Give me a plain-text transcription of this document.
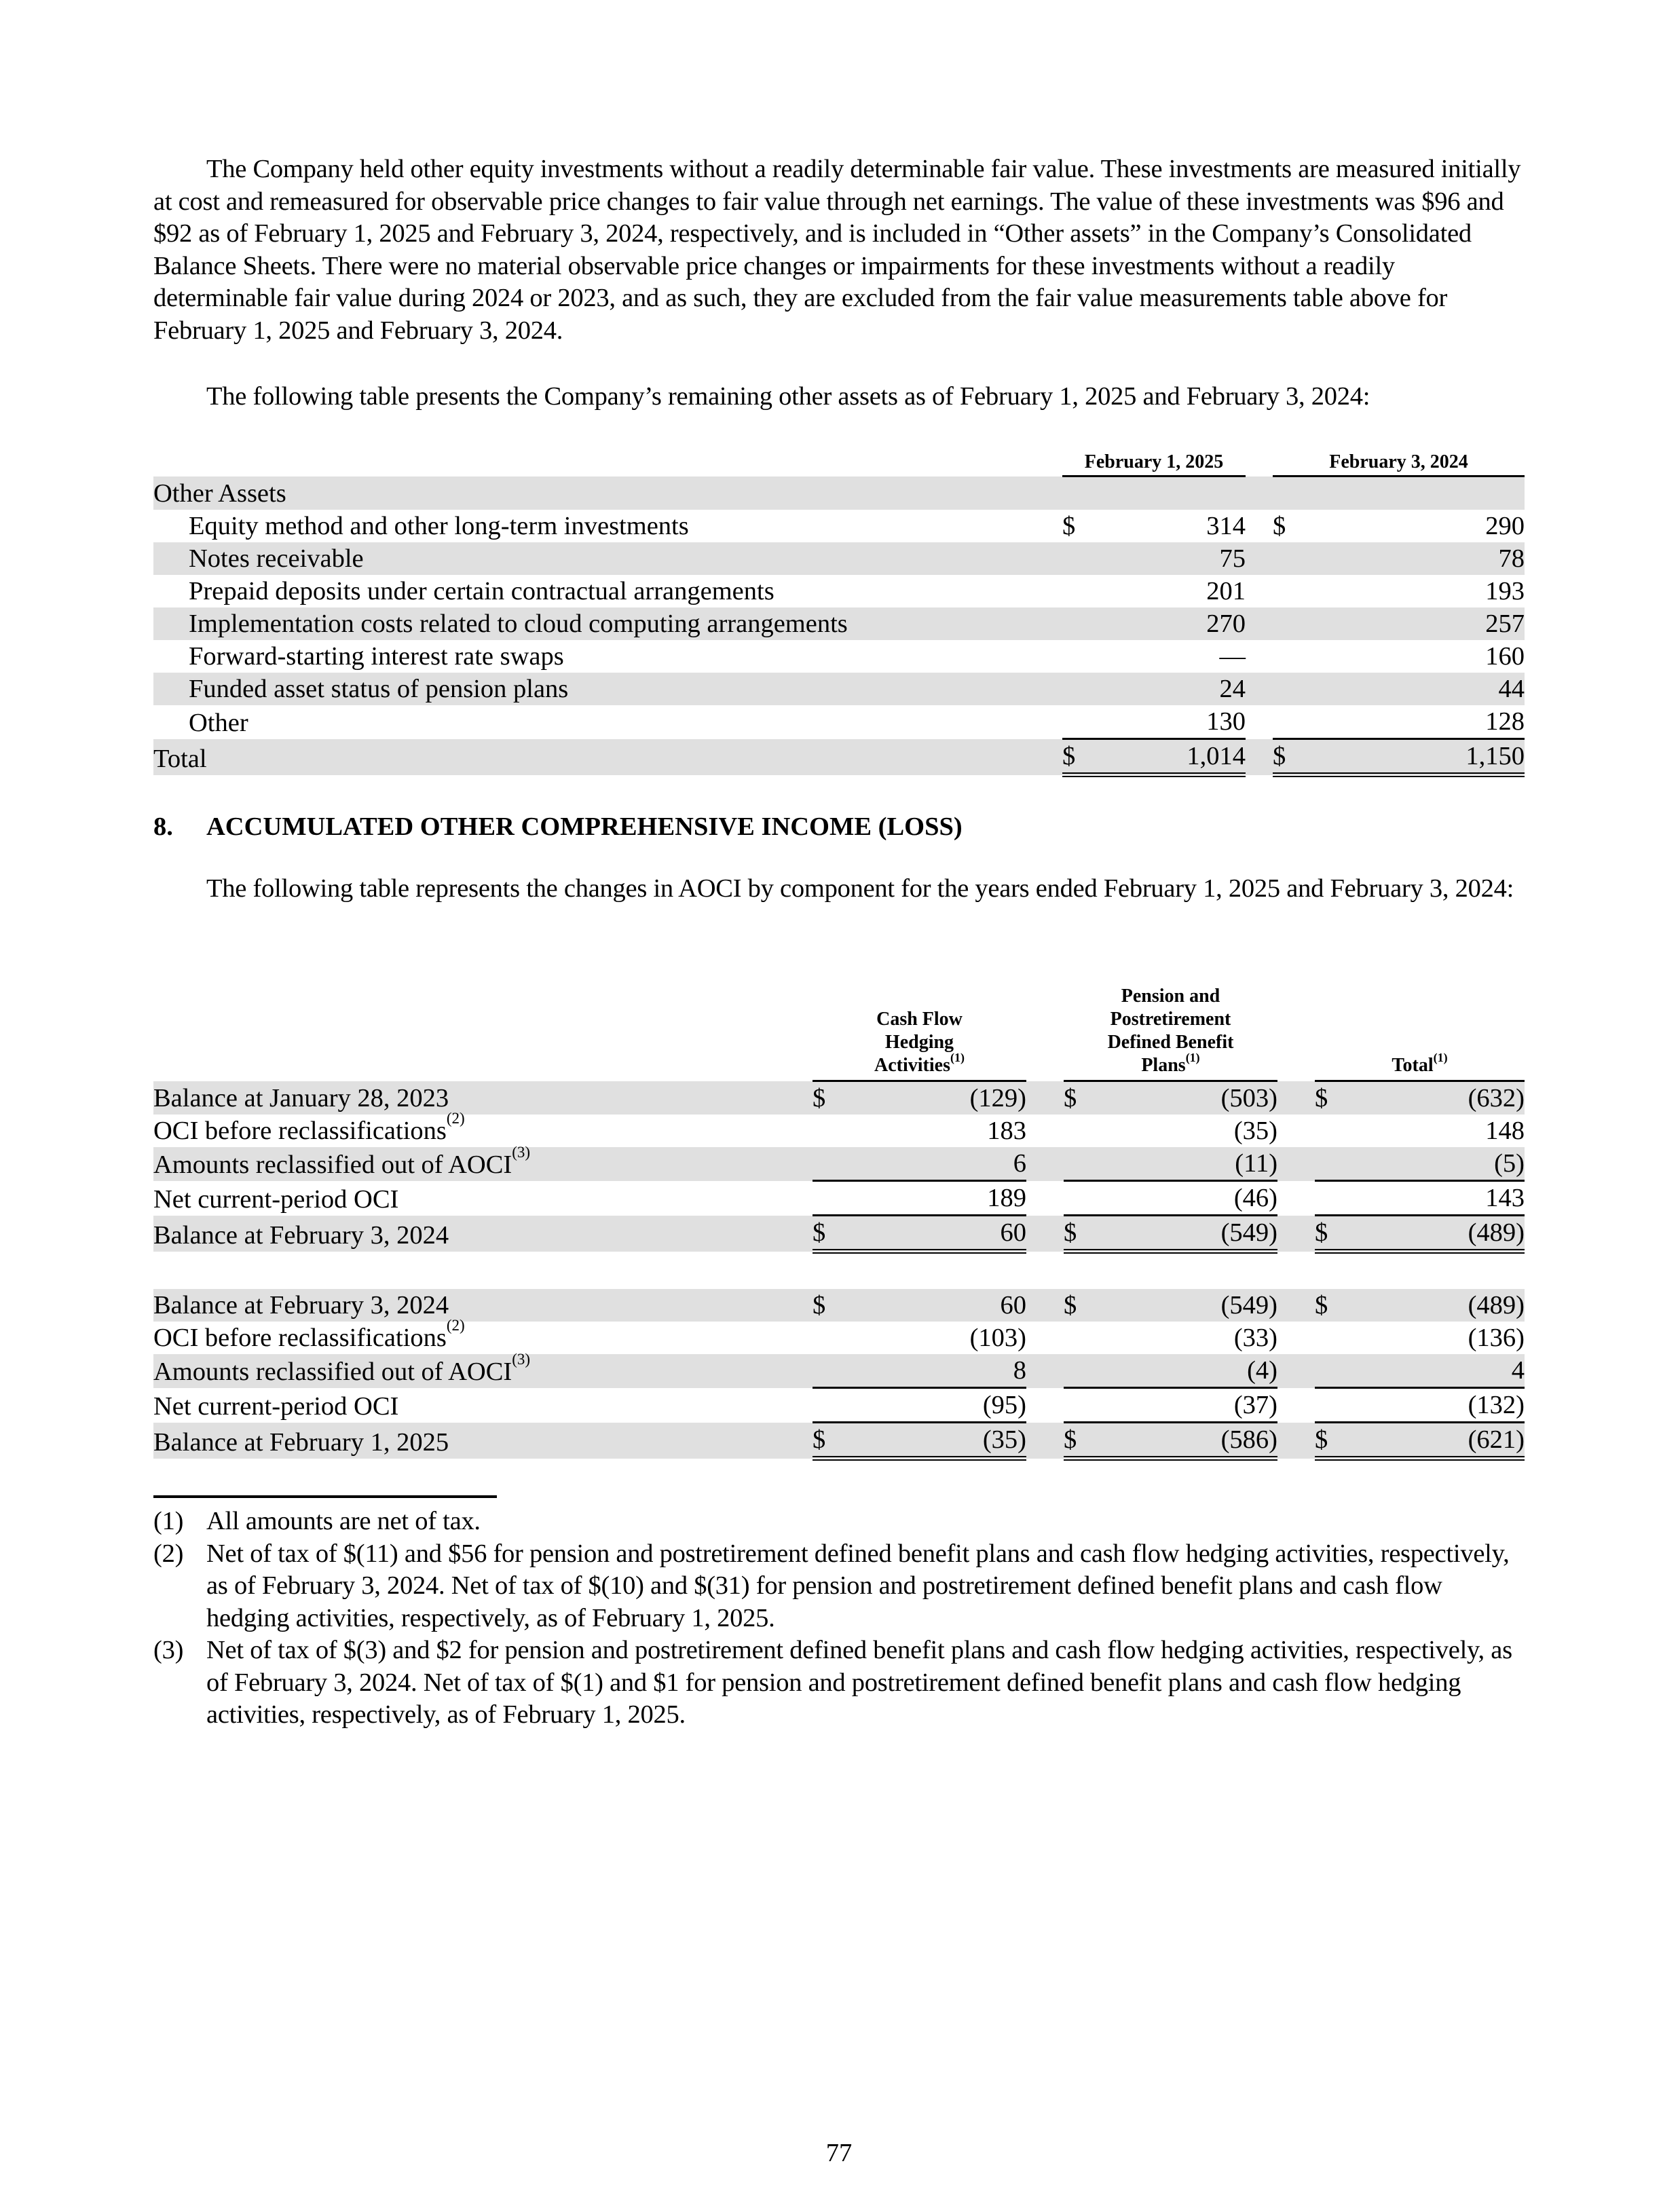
The Company held other equity investments without a readily determinable fair value. These investments are measured initially at cost and remeasured for observable price changes to fair value through net earnings. The value of these investments was $96 and $92 as of February 1, 2025 and February 3, 2024, respectively, and is included in “Other assets” in the Company’s Consolidated Balance Sheets. There were no material observable price changes or impairments for these investments without a readily determinable fair value during 2024 or 2023, and as such, they are excluded from the fair value measurements table above for February 1, 2025 and February 3, 2024.

The following table presents the Company’s remaining other assets as of February 1, 2025 and February 3, 2024:

	February 1, 2025			February 3, 2024	
Other Assets					
Equity method and other long-term investments	$	314		$	290
Notes receivable		75			78
Prepaid deposits under certain contractual arrangements		201			193
Implementation costs related to cloud computing arrangements		270			257
Forward-starting interest rate swaps		—			160
Funded asset status of pension plans		24			44
Other		130			128
Total	$	1,014		$	1,150
8. ACCUMULATED OTHER COMPREHENSIVE INCOME (LOSS)

The following table represents the changes in AOCI by component for the years ended February 1, 2025 and February 3, 2024:

	Cash Flow
Hedging
Activities$^{(1)}$			Pension and
Postretirement
Defined Benefit
Plans$^{(1)}$			Total$^{(1)}$
Balance at January 28, 2023	$	(129)		$	(503)		$	(632)
OCI before reclassifications$^{(2)}$		183			(35)			148
Amounts reclassified out of AOCI$^{(3)}$		6			(11)			(5)
Net current-period OCI		189			(46)			143
Balance at February 3, 2024	$	60		$	(549)		$	(489)

Balance at February 3, 2024	$	60		$	(549)		$	(489)
OCI before reclassifications$^{(2)}$		(103)			(33)			(136)
Amounts reclassified out of AOCI$^{(3)}$		8			(4)			4
Net current-period OCI		(95)			(37)			(132)
Balance at February 1, 2025	$	(35)		$	(586)		$	(621)
(1) All amounts are net of tax.
(2) Net of tax of $(11) and $56 for pension and postretirement defined benefit plans and cash flow hedging activities, respectively, as of February 3, 2024. Net of tax of $(10) and $(31) for pension and postretirement defined benefit plans and cash flow hedging activities, respectively, as of February 1, 2025.
(3) Net of tax of $(3) and $2 for pension and postretirement defined benefit plans and cash flow hedging activities, respectively, as of February 3, 2024. Net of tax of $(1) and $1 for pension and postretirement defined benefit plans and cash flow hedging activities, respectively, as of February 1, 2025.
77
